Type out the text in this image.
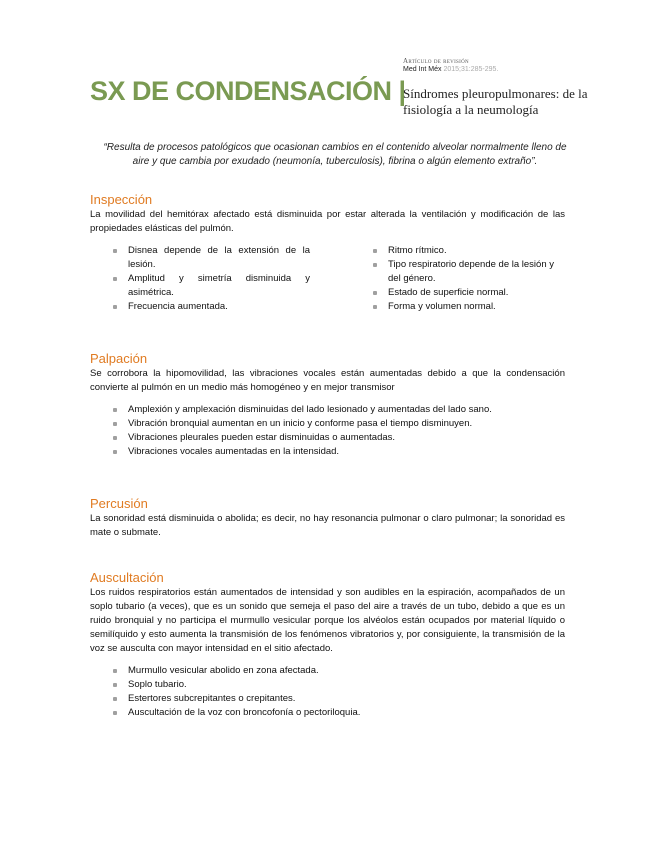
SX DE CONDENSACIÓN |
Artículo de revisión
Med Int Méx 2015;31:285-295.
Síndromes pleuropulmonares: de la fisiología a la neumología

“Resulta de procesos patológicos que ocasionan cambios en el contenido alveolar normalmente lleno de aire y que cambia por exudado (neumonía, tuberculosis), fibrina o algún elemento extraño”.

Inspección

La movilidad del hemitórax afectado está disminuida por estar alterada la ventilación y modificación de las propiedades elásticas del pulmón.

Disnea depende de la extensión de la lesión.
Amplitud y simetría disminuida y asimétrica.
Frecuencia aumentada.
Ritmo rítmico.
Tipo respiratorio depende de la lesión y del género.
Estado de superficie normal.
Forma y volumen normal.
Palpación

Se corrobora la hipomovilidad, las vibraciones vocales están aumentadas debido a que la condensación convierte al pulmón en un medio más homogéneo y en mejor transmisor

Amplexión y amplexación disminuidas del lado lesionado y aumentadas del lado sano.
Vibración bronquial aumentan en un inicio y conforme pasa el tiempo disminuyen.
Vibraciones pleurales pueden estar disminuidas o aumentadas.
Vibraciones vocales aumentadas en la intensidad.
Percusión

La sonoridad está disminuida o abolida; es decir, no hay resonancia pulmonar o claro pulmonar; la sonoridad es mate o submate.

Auscultación

Los ruidos respiratorios están aumentados de intensidad y son audibles en la espiración, acompañados de un soplo tubario (a veces), que es un sonido que semeja el paso del aire a través de un tubo, debido a que es un ruido bronquial y no participa el murmullo vesicular porque los alvéolos están ocupados por material líquido o semilíquido y esto aumenta la transmisión de los fenómenos vibratorios y, por consiguiente, la transmisión de la voz se ausculta con mayor intensidad en el sitio afectado.

Murmullo vesicular abolido en zona afectada.
Soplo tubario.
Estertores subcrepitantes o crepitantes.
Auscultación de la voz con broncofonía o pectoriloquia.
